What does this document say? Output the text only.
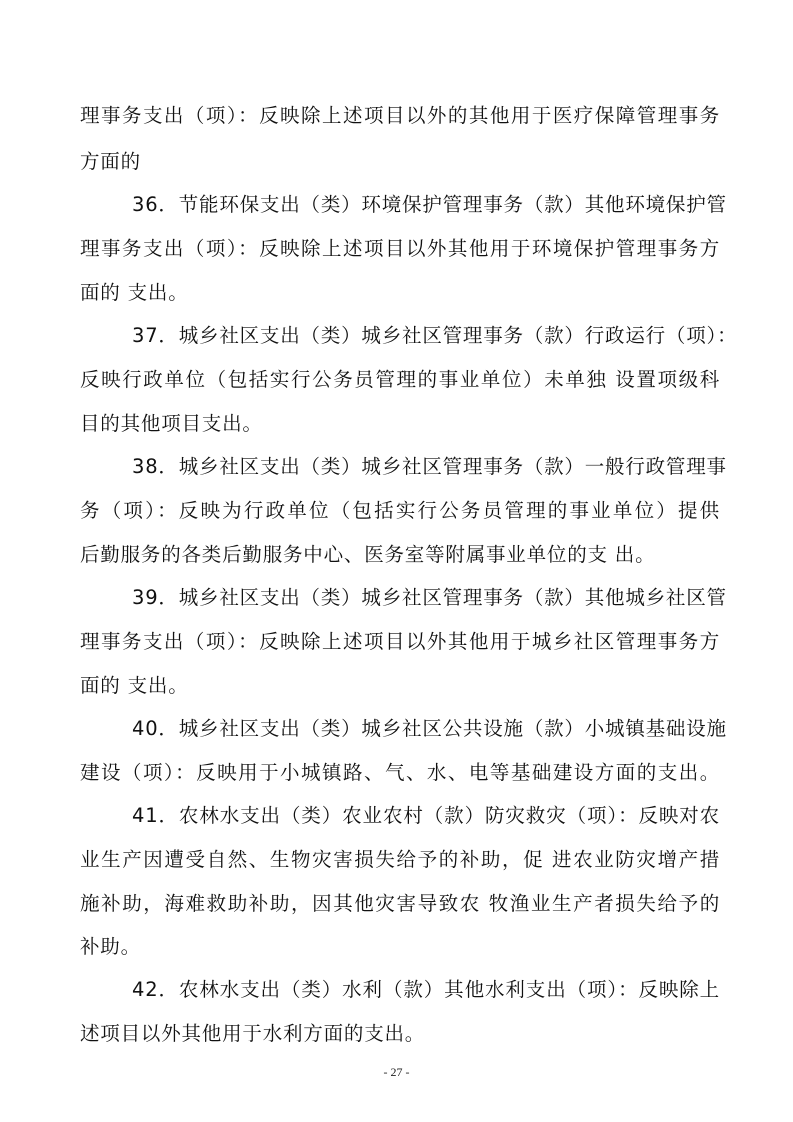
理事务支出（项）：反映除上述项目以外的其他用于医疗保障管理事务
方面的
36．节能环保支出（类）环境保护管理事务（款）其他环境保护管
理事务支出（项）：反映除上述项目以外其他用于环境保护管理事务方
面的 支出。
37．城乡社区支出（类）城乡社区管理事务（款）行政运行（项）：
反映行政单位（包括实行公务员管理的事业单位）未单独 设置项级科
目的其他项目支出。
38．城乡社区支出（类）城乡社区管理事务（款）一般行政管理事
务（项）：反映为行政单位（包括实行公务员管理的事业单位）提供
后勤服务的各类后勤服务中心、医务室等附属事业单位的支 出。
39．城乡社区支出（类）城乡社区管理事务（款）其他城乡社区管
理事务支出（项）：反映除上述项目以外其他用于城乡社区管理事务方
面的 支出。
40．城乡社区支出（类）城乡社区公共设施（款）小城镇基础设施
建设（项）：反映用于小城镇路、气、水、电等基础建设方面的支出。
41．农林水支出（类）农业农村（款）防灾救灾（项）：反映对农
业生产因遭受自然、生物灾害损失给予的补助，促 进农业防灾增产措
施补助，海难救助补助，因其他灾害导致农 牧渔业生产者损失给予的
补助。
42．农林水支出（类）水利（款）其他水利支出（项）：反映除上
述项目以外其他用于水利方面的支出。
- 27 -
